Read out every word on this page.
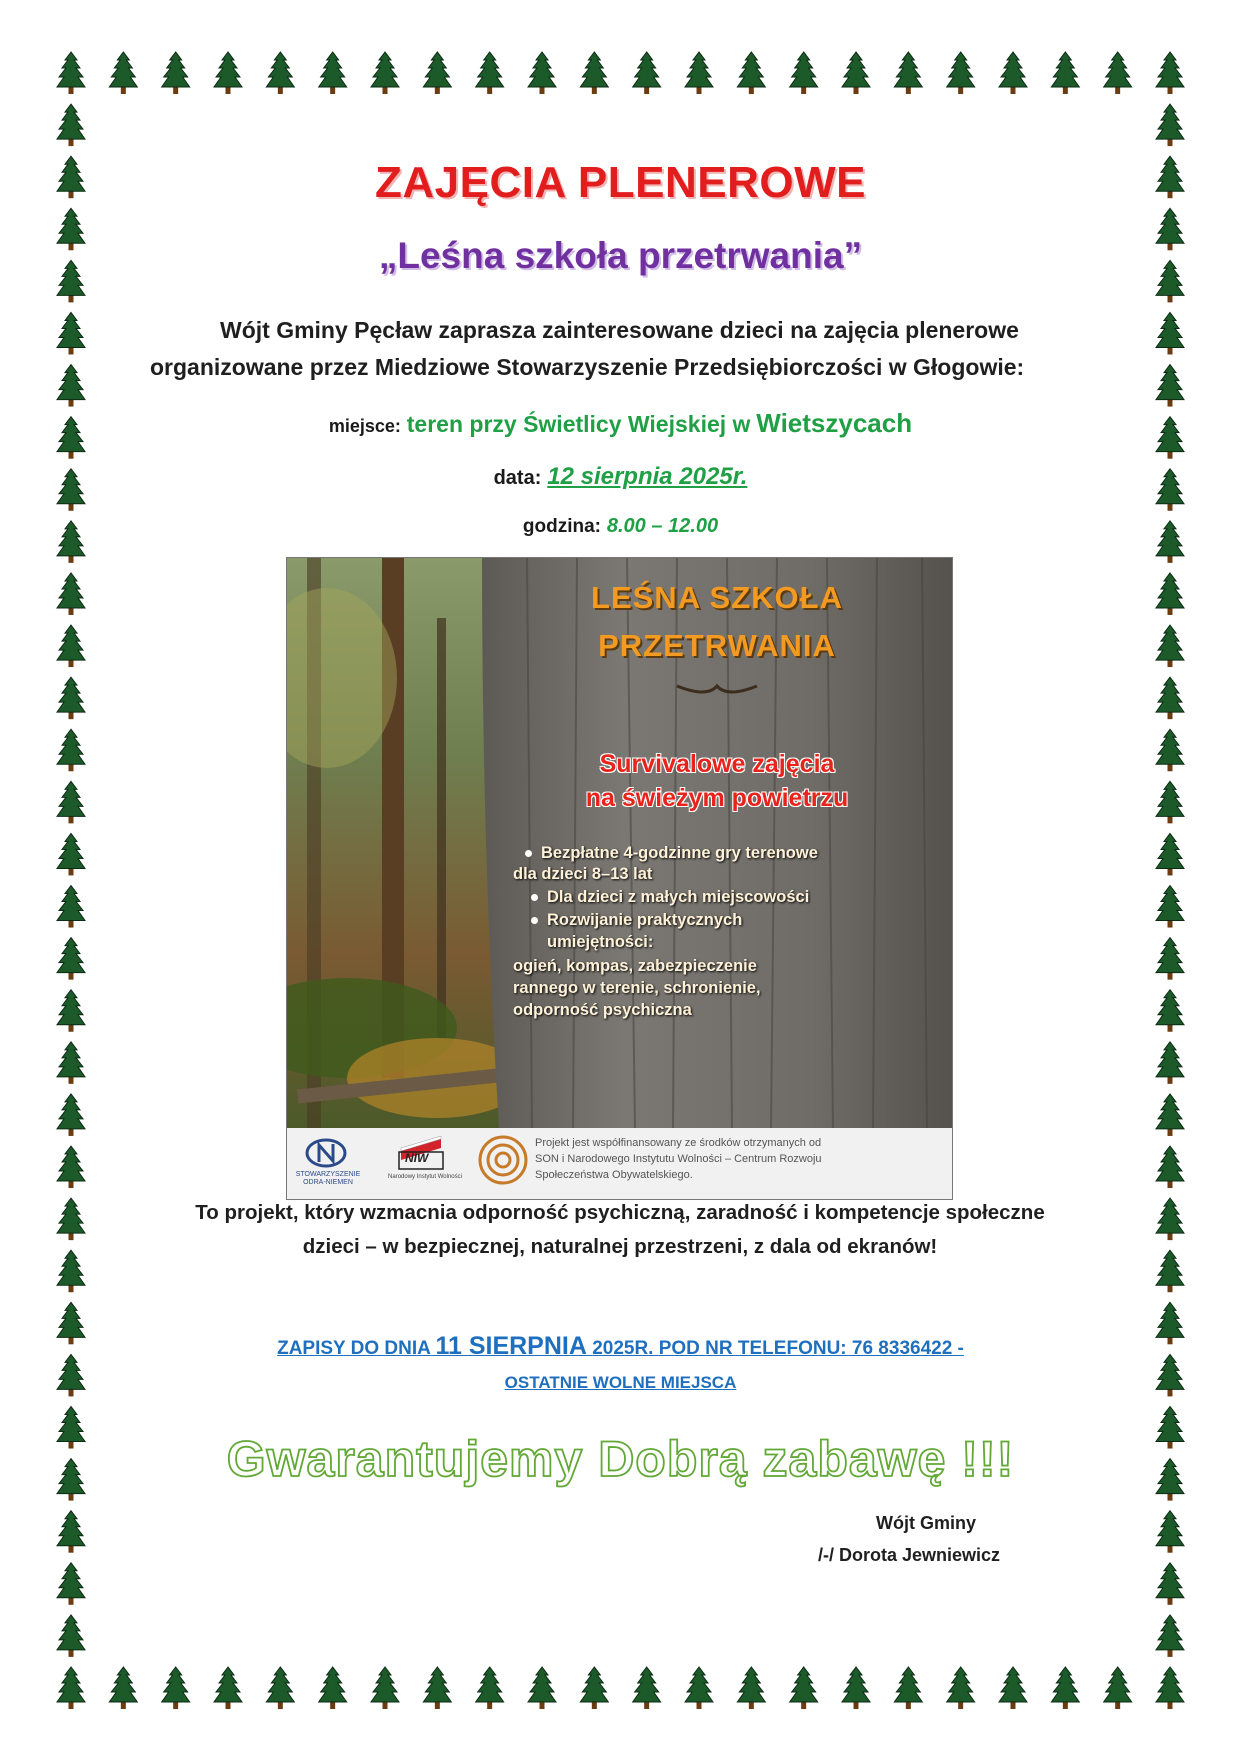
ZAJĘCIA PLENEROWE
„Leśna szkoła przetrwania”
Wójt Gminy Pęcław zaprasza zainteresowane dzieci na zajęcia plenerowe
organizowane przez Miedziowe Stowarzyszenie Przedsiębiorczości w Głogowie:
miejsce: teren przy Świetlicy Wiejskiej w Wietszycach
data: 12 sierpnia 2025r.
godzina: 8.00 – 12.00
LEŚNA SZKOŁA
PRZETRWANIA
Survivalowe zajęcia
na świeżym powietrzu
Bezpłatne 4-godzinne gry terenowe
dla dzieci 8–13 lat
Dla dzieci z małych miejscowości
Rozwijanie praktycznych
umiejętności:
ogień, kompas, zabezpieczenie
rannego w terenie, schronienie,
odporność psychiczna
STOWARZYSZENIE
ODRA-NIEMEN
NIW
Narodowy Instytut Wolności
Projekt jest współfinansowany ze środków otrzymanych od
SON i Narodowego Instytutu Wolności – Centrum Rozwoju
Społeczeństwa Obywatelskiego.
To projekt, który wzmacnia odporność psychiczną, zaradność i kompetencje społeczne
dzieci – w bezpiecznej, naturalnej przestrzeni, z dala od ekranów!
ZAPISY DO DNIA 11 SIERPNIA 2025R. POD NR TELEFONU: 76 8336422 -
OSTATNIE WOLNE MIEJSCA
Gwarantujemy Dobrą zabawę !!!
Wójt Gminy
/-/ Dorota Jewniewicz
